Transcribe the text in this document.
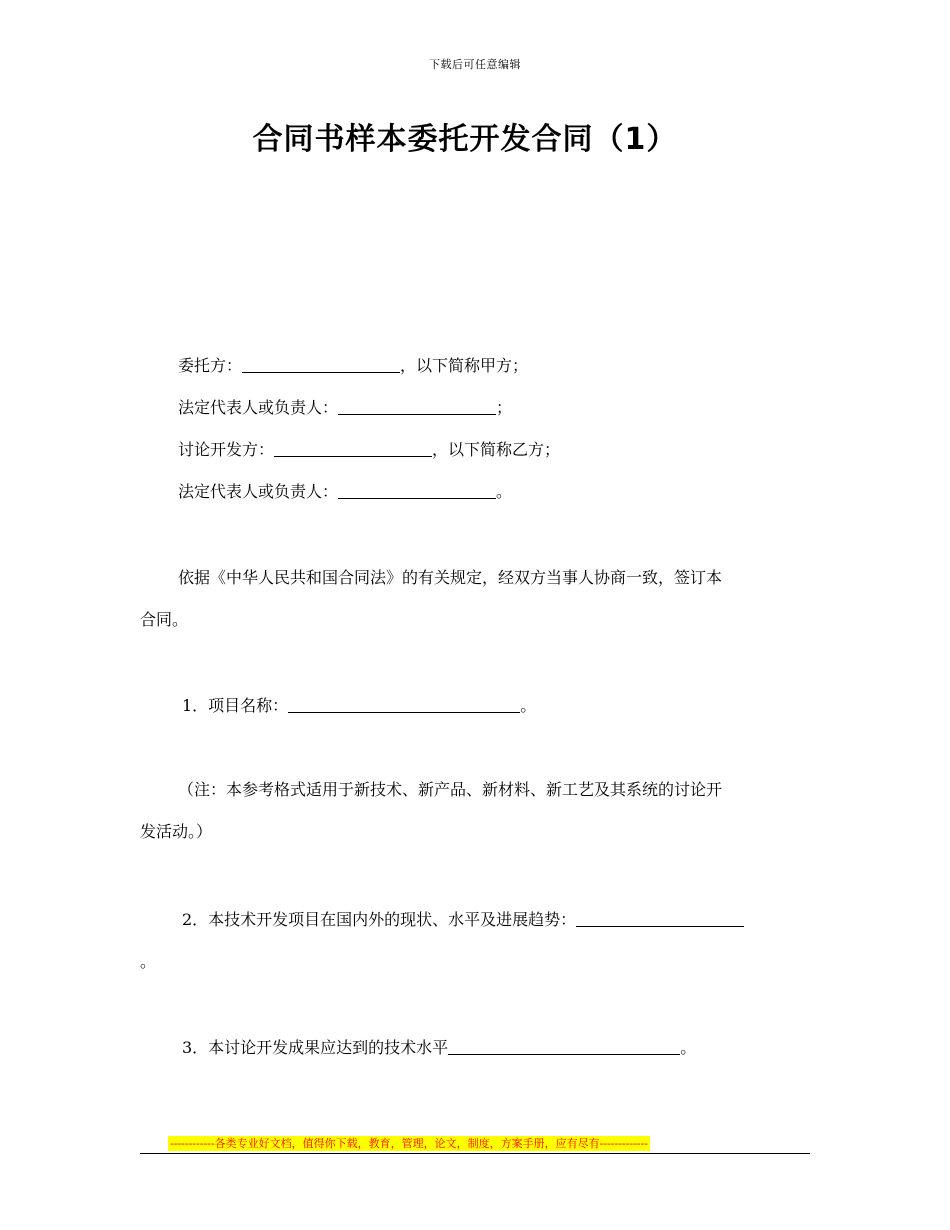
下载后可任意编辑
合同书样本委托开发合同（1）
委托方：	，以下简称甲方；
法定代表人或负责人：	；
讨论开发方：	，以下简称乙方；
法定代表人或负责人：	。
依据《中华人民共和国合同法》的有关规定，经双方当事人协商一致，签订本
合同。
1．项目名称：	。
（注：本参考格式适用于新技术、新产品、新材料、新工艺及其系统的讨论开
发活动。）
2．本技术开发项目在国内外的现状、水平及进展趋势：
。
3．本讨论开发成果应达到的技术水平	。
------------各类专业好文档，值得你下载，教育，管理，论文，制度，方案手册，应有尽有-------------
